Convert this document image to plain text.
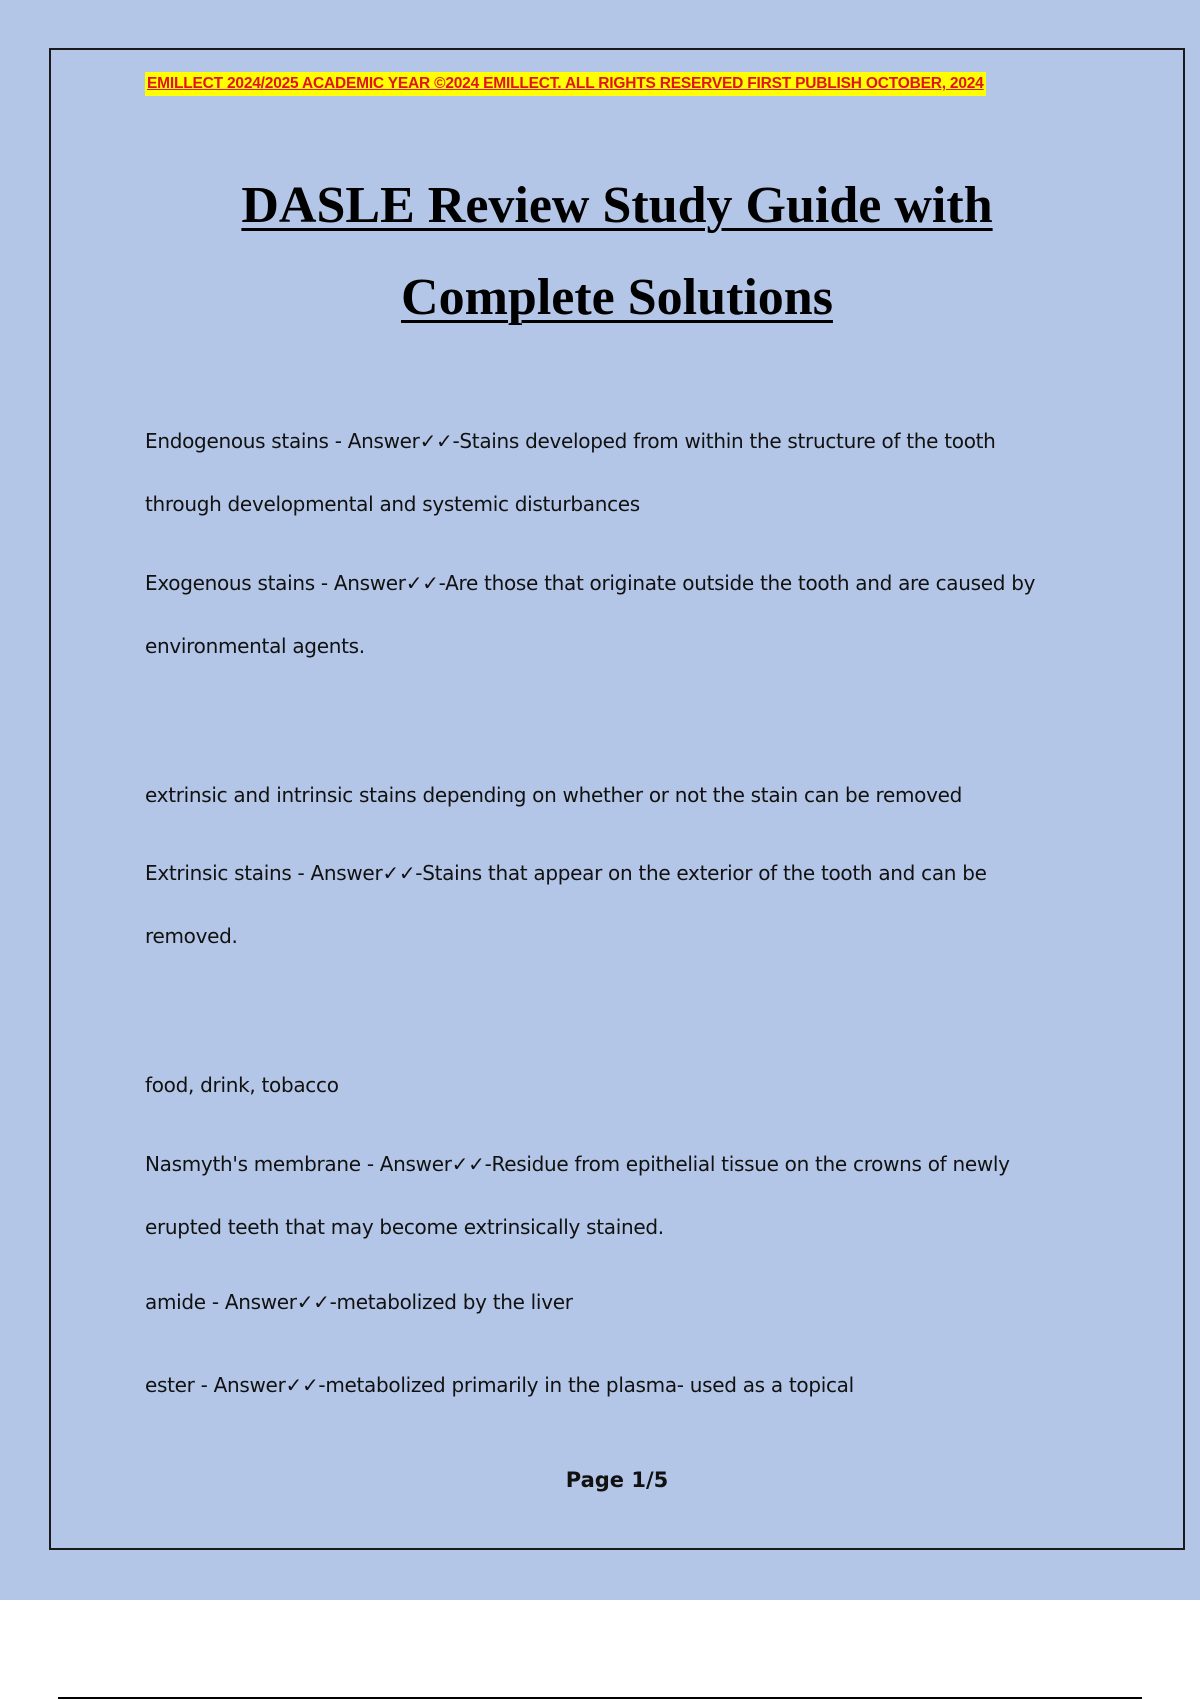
EMILLECT 2024/2025 ACADEMIC YEAR ©2024 EMILLECT. ALL RIGHTS RESERVED FIRST PUBLISH OCTOBER, 2024
DASLE Review Study Guide with
Complete Solutions

Endogenous stains - Answer✓✓-Stains developed from within the structure of the tooth

through developmental and systemic disturbances

Exogenous stains - Answer✓✓-Are those that originate outside the tooth and are caused by

environmental agents.

extrinsic and intrinsic stains depending on whether or not the stain can be removed

Extrinsic stains - Answer✓✓-Stains that appear on the exterior of the tooth and can be

removed.

food, drink, tobacco

Nasmyth's membrane - Answer✓✓-Residue from epithelial tissue on the crowns of newly

erupted teeth that may become extrinsically stained.

amide - Answer✓✓-metabolized by the liver

ester - Answer✓✓-metabolized primarily in the plasma- used as a topical

Page 1/5
